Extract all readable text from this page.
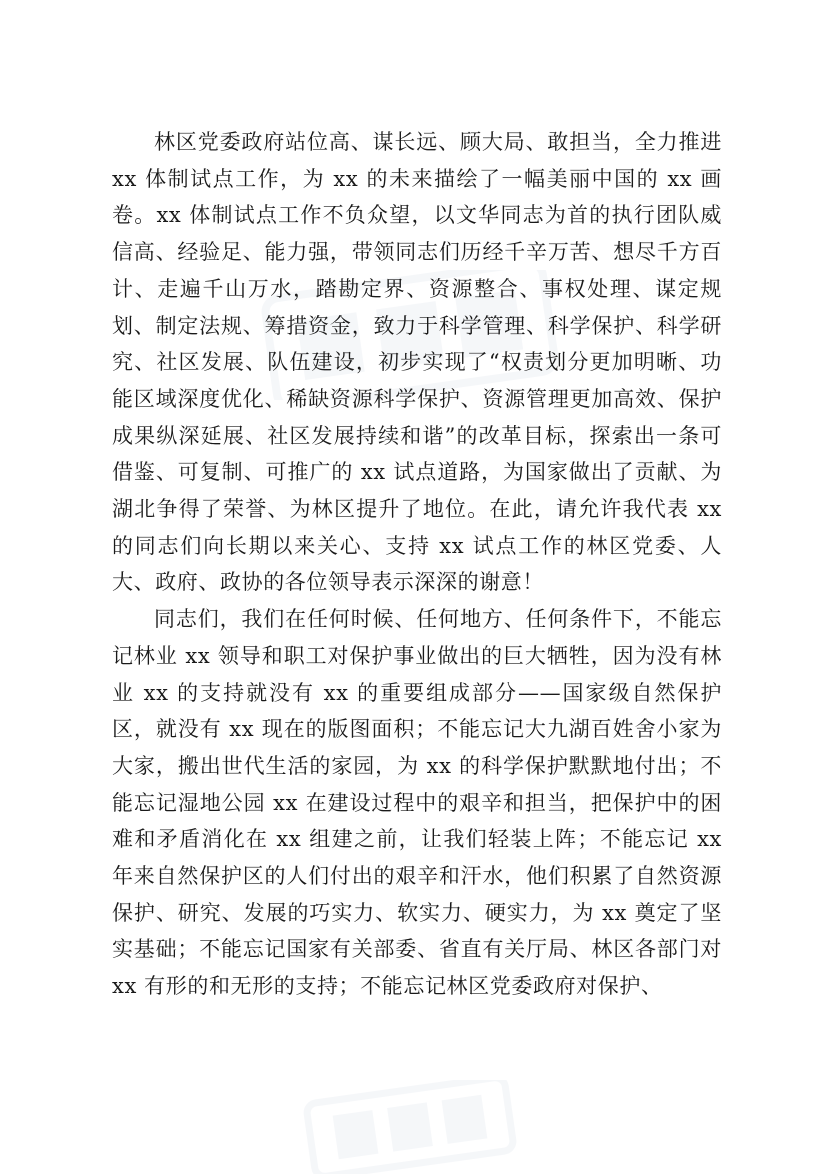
林区党委政府站位高、谋长远、顾大局、敢担当，全力推进 xx 体制试点工作，为 xx 的未来描绘了一幅美丽中国的 xx 画卷。xx 体制试点工作不负众望，以文华同志为首的执行团队威信高、经验足、能力强，带领同志们历经千辛万苦、想尽千方百计、走遍千山万水，踏勘定界、资源整合、事权处理、谋定规划、制定法规、筹措资金，致力于科学管理、科学保护、科学研究、社区发展、队伍建设，初步实现了“权责划分更加明晰、功能区域深度优化、稀缺资源科学保护、资源管理更加高效、保护成果纵深延展、社区发展持续和谐”的改革目标，探索出一条可借鉴、可复制、可推广的 xx 试点道路，为国家做出了贡献、为湖北争得了荣誉、为林区提升了地位。在此，请允许我代表 xx 的同志们向长期以来关心、支持 xx 试点工作的林区党委、人大、政府、政协的各位领导表示深深的谢意！

同志们，我们在任何时候、任何地方、任何条件下，不能忘记林业 xx 领导和职工对保护事业做出的巨大牺牲，因为没有林业 xx 的支持就没有 xx 的重要组成部分——国家级自然保护区，就没有 xx 现在的版图面积；不能忘记大九湖百姓舍小家为大家，搬出世代生活的家园，为 xx 的科学保护默默地付出；不能忘记湿地公园 xx 在建设过程中的艰辛和担当，把保护中的困难和矛盾消化在 xx 组建之前，让我们轻装上阵；不能忘记 xx 年来自然保护区的人们付出的艰辛和汗水，他们积累了自然资源保护、研究、发展的巧实力、软实力、硬实力，为 xx 奠定了坚实基础；不能忘记国家有关部委、省直有关厅局、林区各部门对 xx 有形的和无形的支持；不能忘记林区党委政府对保护、
